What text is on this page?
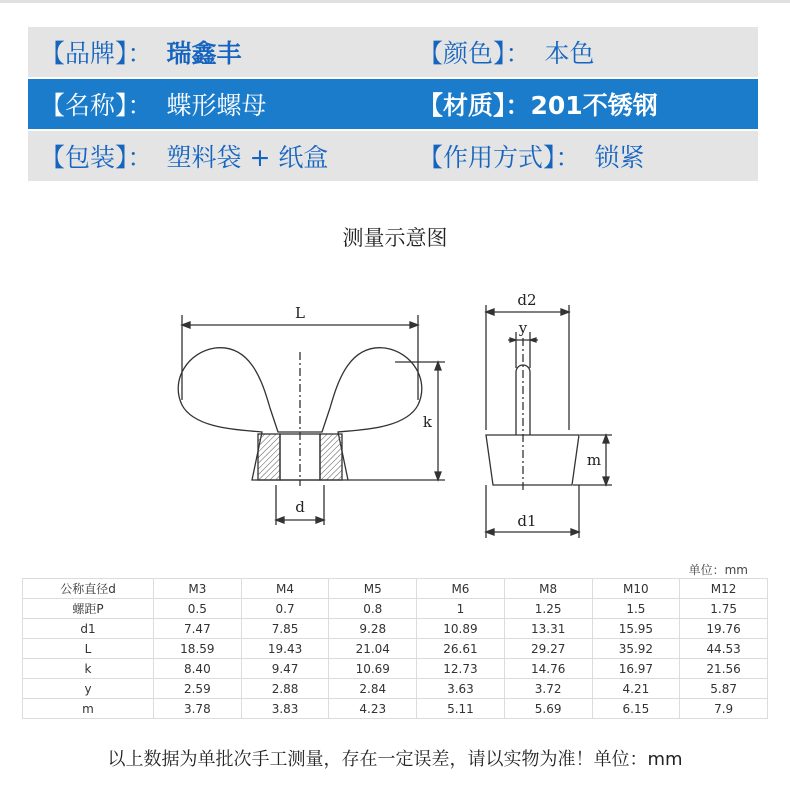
【品牌】： 瑞鑫丰	【颜色】： 本色
【名称】： 蝶形螺母	【材质】：201不锈钢
【包装】： 塑料袋 + 纸盒	【作用方式】： 锁紧
测量示意图
L
k
d
d2
y
m
d1
单位：mm
公称直径d	M3	M4	M5	M6	M8	M10	M12
螺距P	0.5	0.7	0.8	1	1.25	1.5	1.75
d1	7.47	7.85	9.28	10.89	13.31	15.95	19.76
L	18.59	19.43	21.04	26.61	29.27	35.92	44.53
k	8.40	9.47	10.69	12.73	14.76	16.97	21.56
y	2.59	2.88	2.84	3.63	3.72	4.21	5.87
m	3.78	3.83	4.23	5.11	5.69	6.15	7.9
以上数据为单批次手工测量，存在一定误差，请以实物为准！单位：mm
